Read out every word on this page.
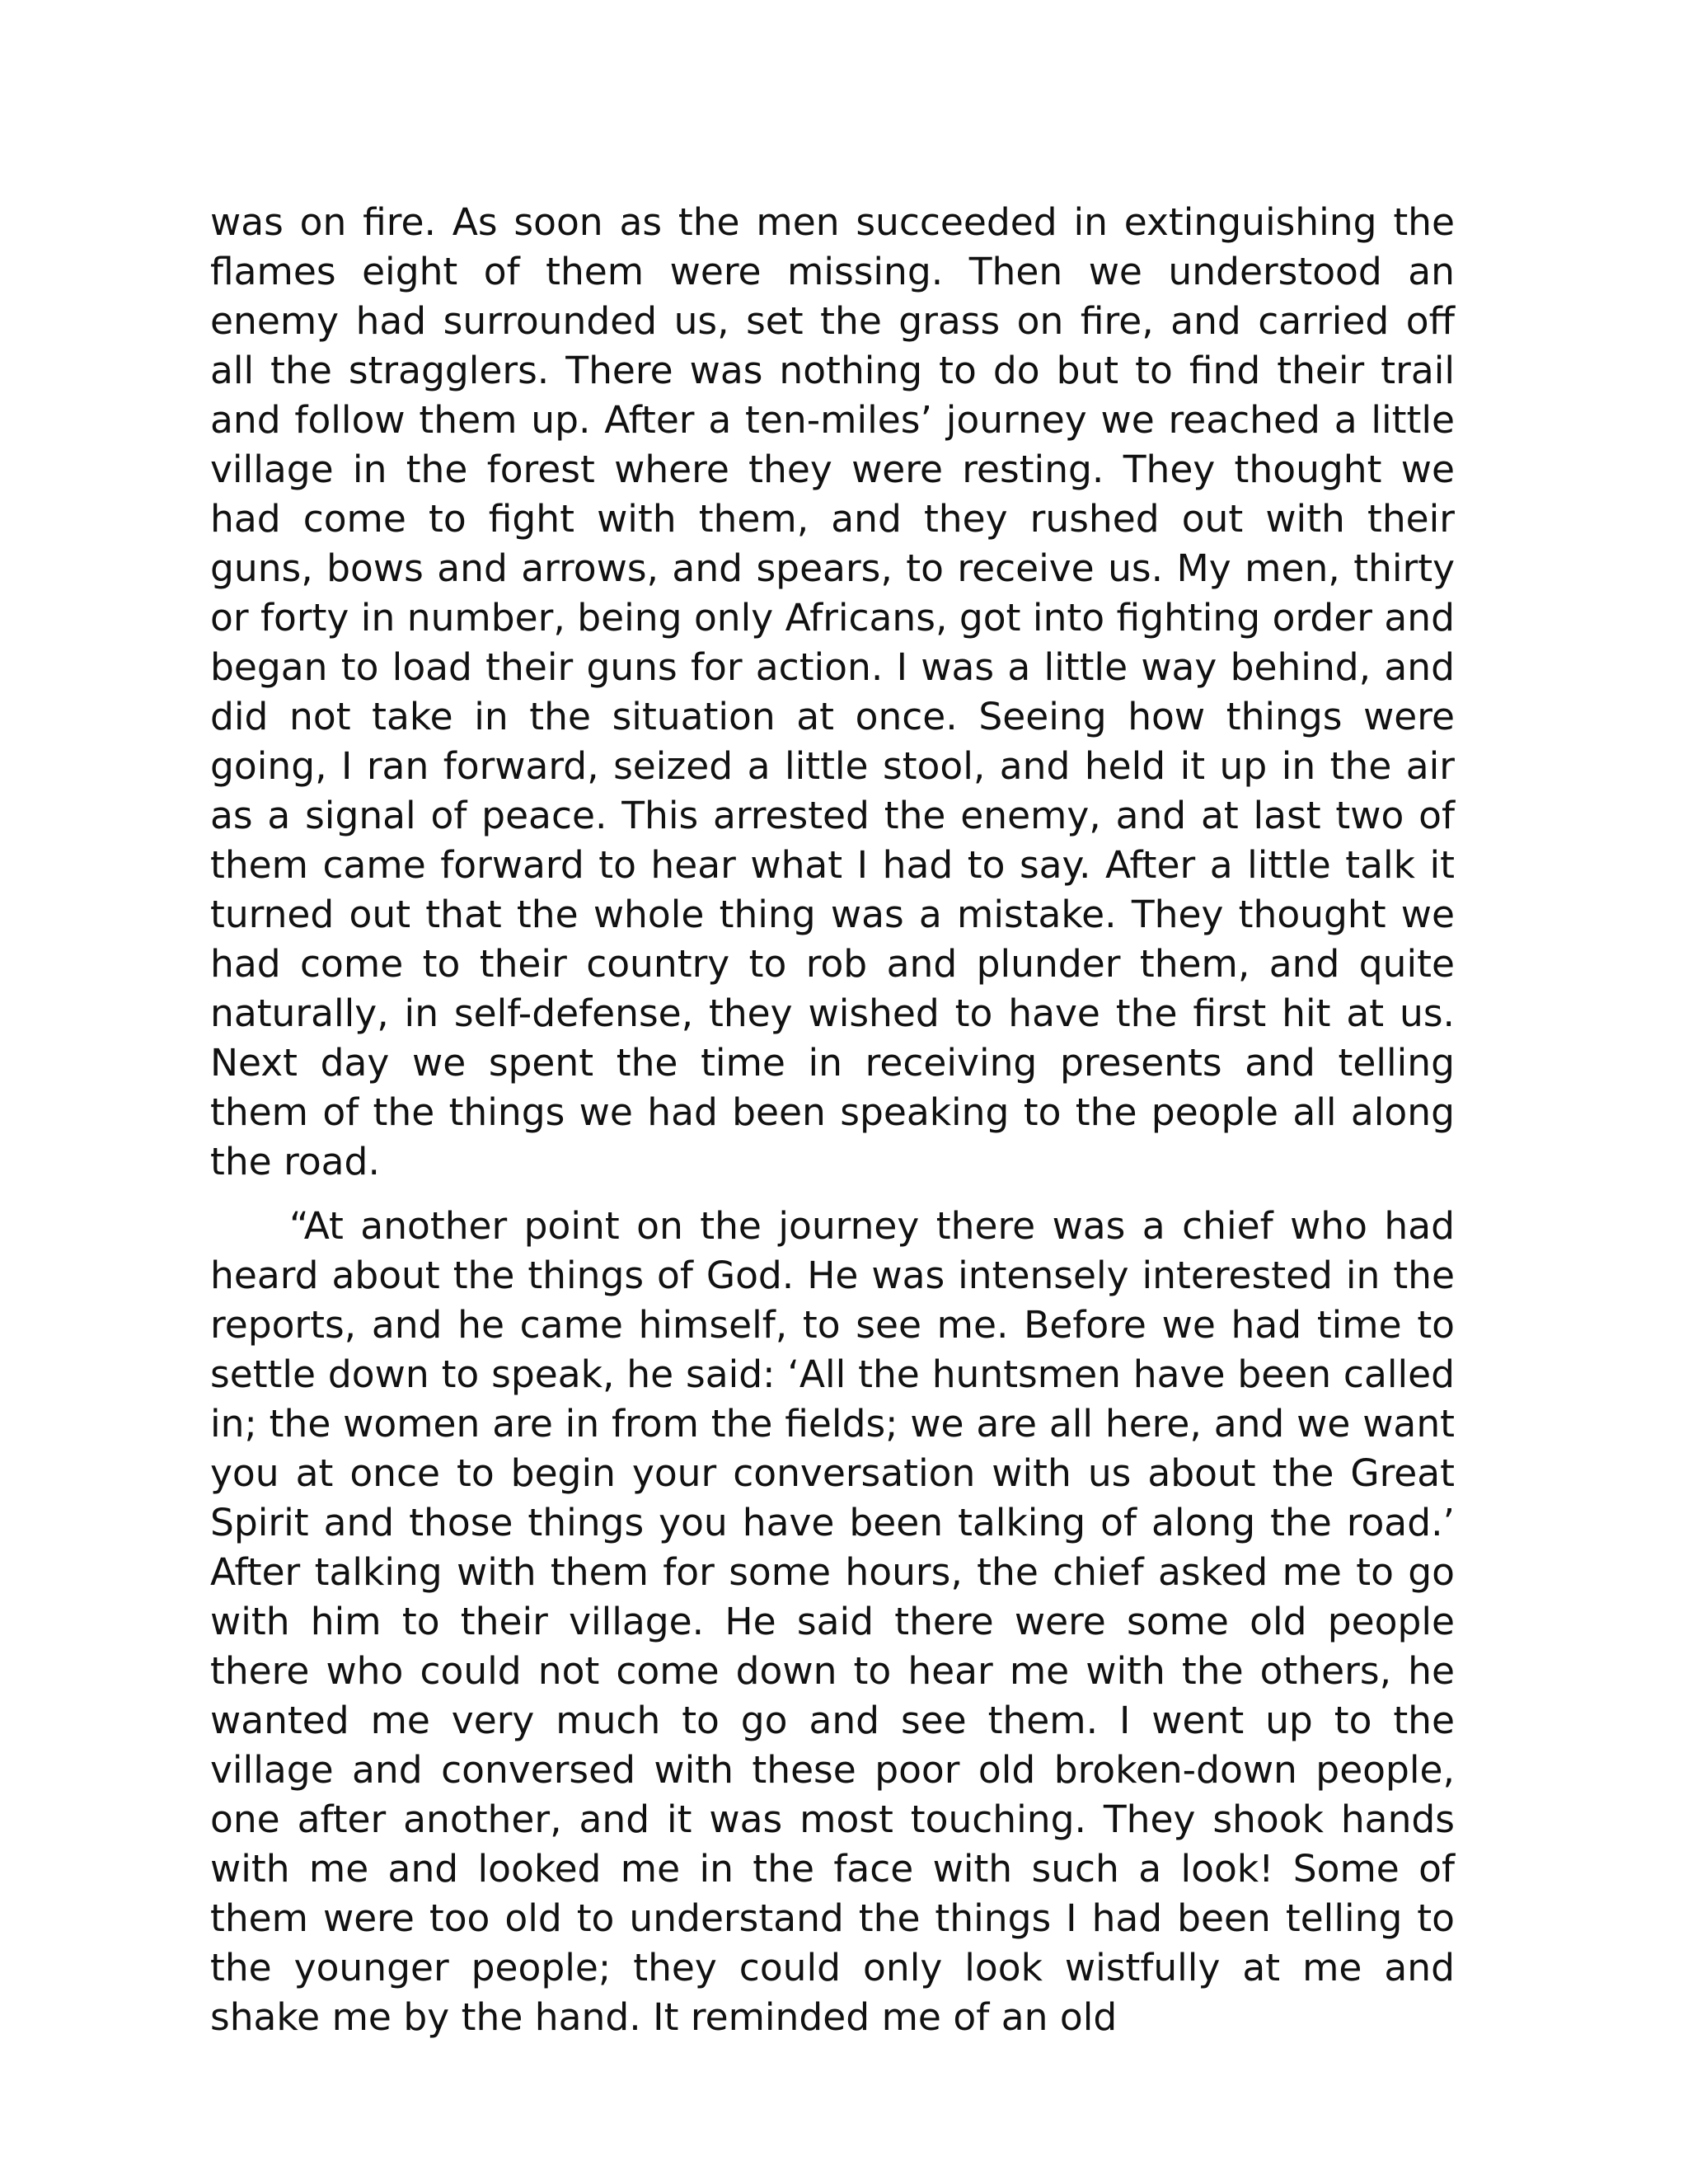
was on fire. As soon as the men succeeded in extinguishing the flames eight of them were missing. Then we understood an enemy had surrounded us, set the grass on fire, and carried off all the stragglers. There was nothing to do but to find their trail and follow them up. After a ten-miles’ journey we reached a little village in the forest where they were resting. They thought we had come to fight with them, and they rushed out with their guns, bows and arrows, and spears, to receive us. My men, thirty or forty in number, being only Africans, got into fighting order and began to load their guns for action. I was a little way behind, and did not take in the situation at once. Seeing how things were going, I ran forward, seized a little stool, and held it up in the air as a signal of peace. This arrested the enemy, and at last two of them came forward to hear what I had to say. After a little talk it turned out that the whole thing was a mistake. They thought we had come to their country to rob and plunder them, and quite naturally, in self-defense, they wished to have the first hit at us. Next day we spent the time in receiving presents and telling them of the things we had been speaking to the people all along the road.

“At another point on the journey there was a chief who had heard about the things of God. He was intensely interested in the reports, and he came himself, to see me. Before we had time to settle down to speak, he said: ‘All the huntsmen have been called in; the women are in from the fields; we are all here, and we want you at once to begin your conversation with us about the Great Spirit and those things you have been talking of along the road.’ After talking with them for some hours, the chief asked me to go with him to their village. He said there were some old people there who could not come down to hear me with the others, he wanted me very much to go and see them. I went up to the village and conversed with these poor old broken-down people, one after another, and it was most touching. They shook hands with me and looked me in the face with such a look! Some of them were too old to understand the things I had been telling to the younger people; they could only look wistfully at me and shake me by the hand. It reminded me of an old
